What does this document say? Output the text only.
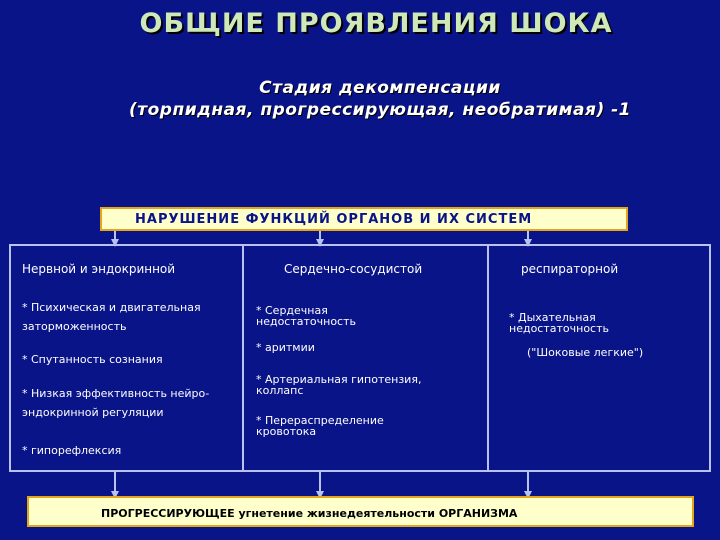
ОБЩИЕ ПРОЯВЛЕНИЯ ШОКА
Стадия декомпенсации
(торпидная, прогрессирующая, необратимая) -1
НАРУШЕНИЕ ФУНКЦИЙ ОРГАНОВ И ИХ СИСТЕМ
Нервной и эндокринной
* Психическая и двигательная заторможенность
* Спутанность сознания
* Низкая эффективность нейро-эндокринной регуляции
* гипорефлексия
Сердечно-сосудистой
* Сердечная недостаточность
* аритмии
* Артериальная гипотензия, коллапс
* Перераспределение кровотока
респираторной
* Дыхательная недостаточность
("Шоковые легкие")
ПРОГРЕССИРУЮЩЕЕ угнетение жизнедеятельности ОРГАНИЗМА
